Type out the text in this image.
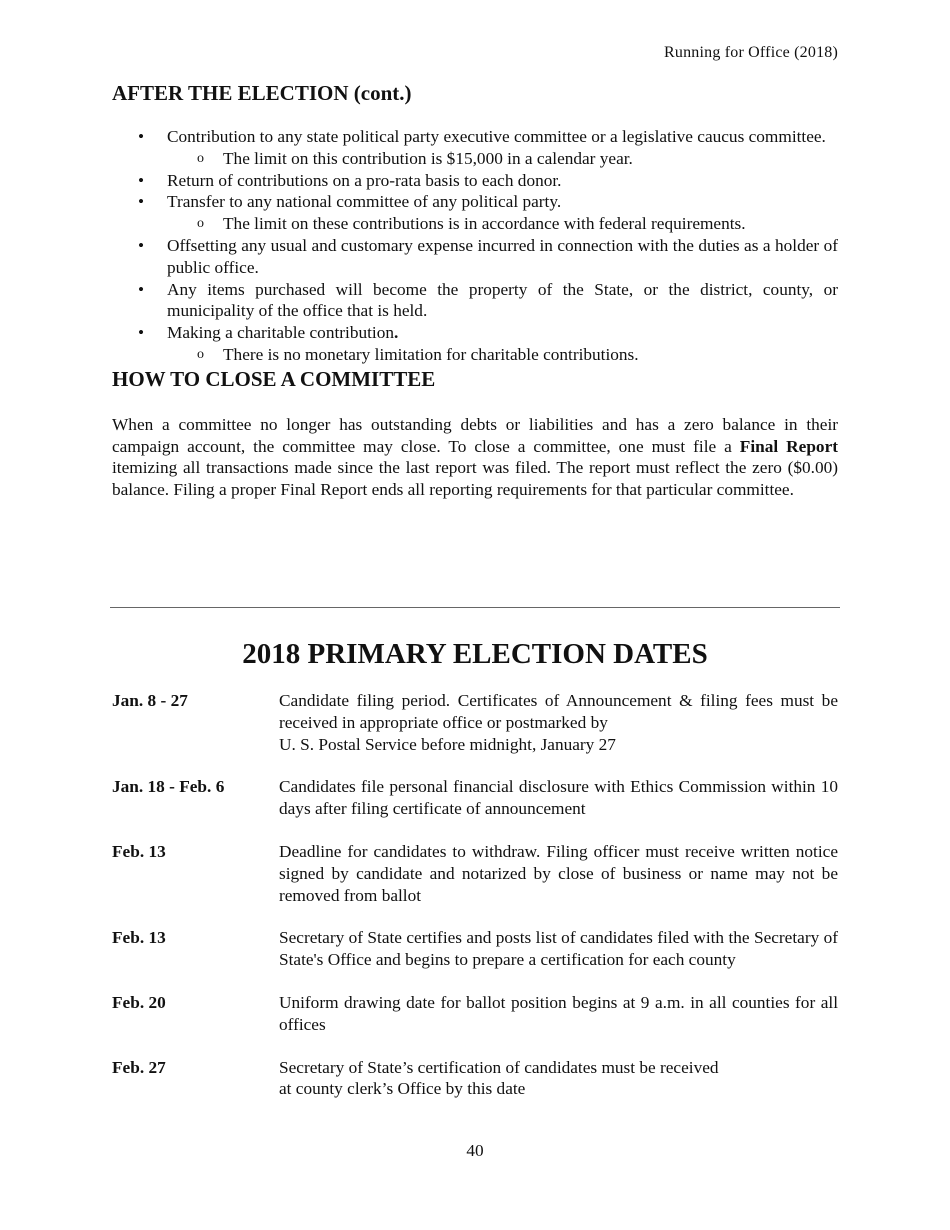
Running for Office (2018)
AFTER THE ELECTION (cont.)
• Contribution to any state political party executive committee or a legislative caucus committee.
o The limit on this contribution is $15,000 in a calendar year.
• Return of contributions on a pro-rata basis to each donor.
• Transfer to any national committee of any political party.
o The limit on these contributions is in accordance with federal requirements.
• Offsetting any usual and customary expense incurred in connection with the duties as a holder of public office.
• Any items purchased will become the property of the State, or the district, county, or municipality of the office that is held.
• Making a charitable contribution.
o There is no monetary limitation for charitable contributions.
HOW TO CLOSE A COMMITTEE

When a committee no longer has outstanding debts or liabilities and has a zero balance in their campaign account, the committee may close. To close a committee, one must file a Final Report itemizing all transactions made since the last report was filed. The report must reflect the zero ($0.00) balance. Filing a proper Final Report ends all reporting requirements for that particular committee.

2018 PRIMARY ELECTION DATES
Jan. 8 - 27	Candidate filing period. Certificates of Announcement & filing fees must be received in appropriate office or postmarked by
U. S. Postal Service before midnight, January 27
Jan. 18 - Feb. 6	Candidates file personal financial disclosure with Ethics Commission within 10 days after filing certificate of announcement
Feb. 13	Deadline for candidates to withdraw. Filing officer must receive written notice signed by candidate and notarized by close of business or name may not be removed from ballot
Feb. 13	Secretary of State certifies and posts list of candidates filed with the Secretary of State's Office and begins to prepare a certification for each county
Feb. 20	Uniform drawing date for ballot position begins at 9 a.m. in all counties for all offices
Feb. 27	Secretary of State’s certification of candidates must be received
at county clerk’s Office by this date
40
